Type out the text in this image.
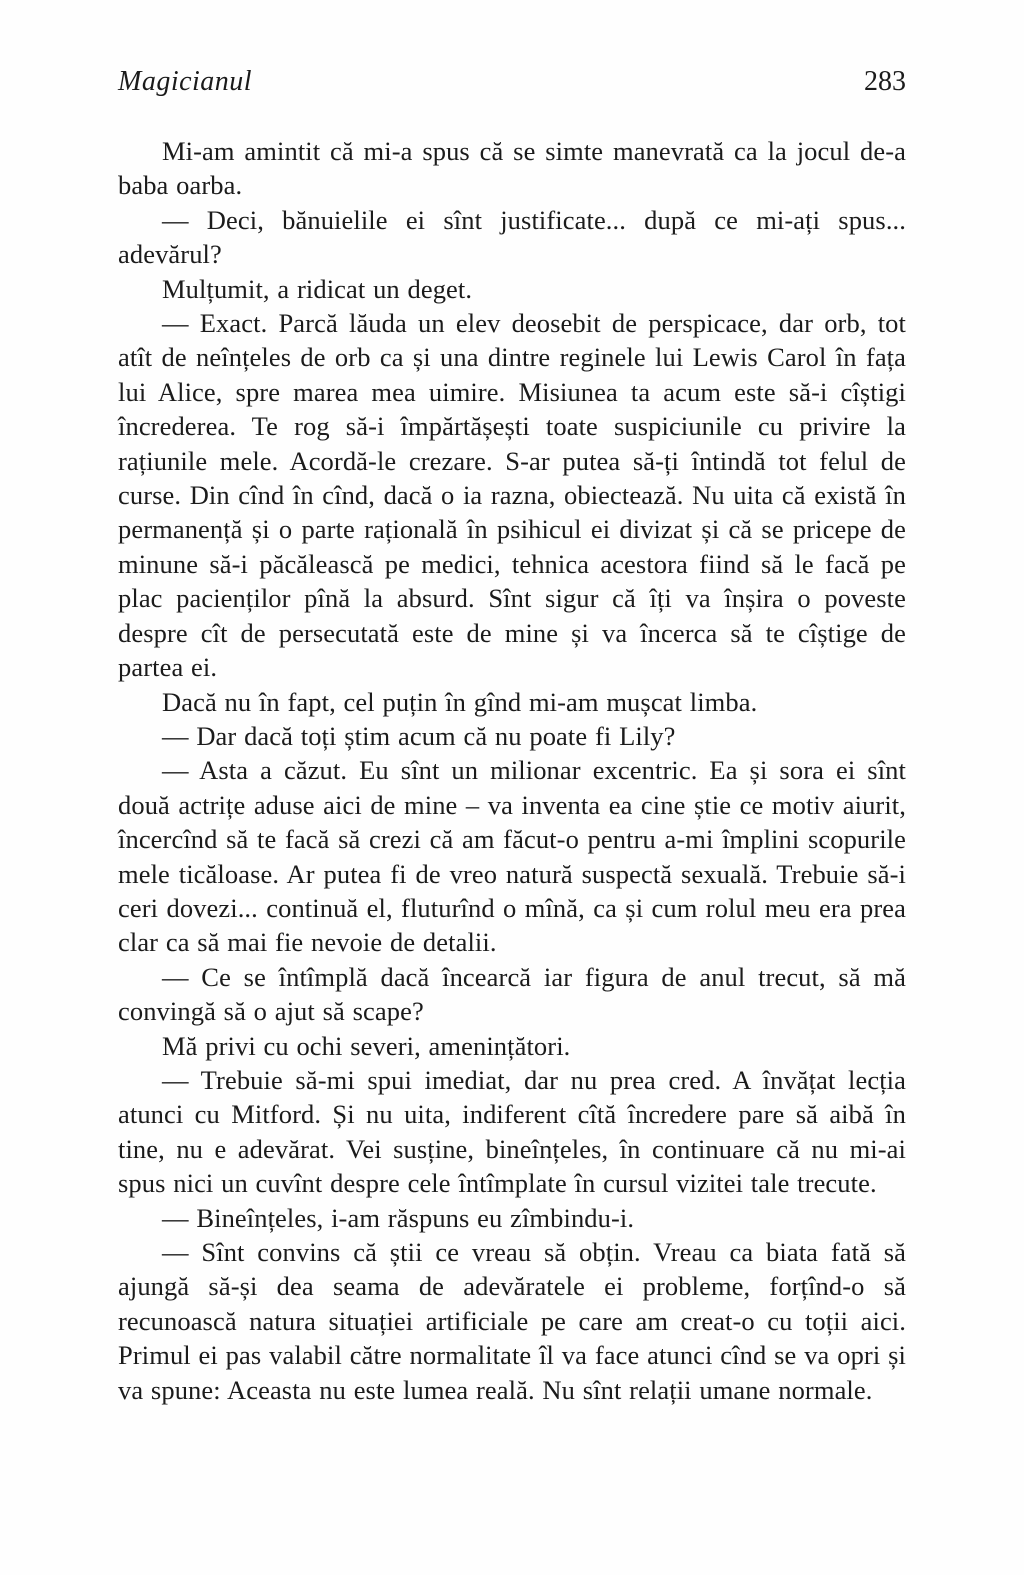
Magicianul	283

Mi-am amintit că mi-a spus că se simte manevrată ca la jocul de-a baba oarba.

— Deci, bănuielile ei sînt justificate... după ce mi-ați spus... adevărul?

Mulțumit, a ridicat un deget.

— Exact. Parcă lăuda un elev deosebit de perspicace, dar orb, tot atît de neînțeles de orb ca și una dintre reginele lui Lewis Carol în fața lui Alice, spre marea mea uimire. Misiunea ta acum este să-i cîștigi încrederea. Te rog să-i împărtășești toate suspiciunile cu privire la rațiunile mele. Acordă-le crezare. S-ar putea să-ți întindă tot felul de curse. Din cînd în cînd, dacă o ia razna, obiectează. Nu uita că există în permanență și o parte rațională în psihicul ei divizat și că se pricepe de minune să-i păcălească pe medici, tehnica acestora fiind să le facă pe plac pacienților pînă la absurd. Sînt sigur că îți va înșira o poveste despre cît de persecutată este de mine și va încerca să te cîștige de partea ei.

Dacă nu în fapt, cel puțin în gînd mi-am mușcat limba.

— Dar dacă toți știm acum că nu poate fi Lily?

— Asta a căzut. Eu sînt un milionar excentric. Ea și sora ei sînt două actrițe aduse aici de mine – va inventa ea cine știe ce motiv aiurit, încercînd să te facă să crezi că am făcut-o pentru a-mi împlini scopurile mele ticăloase. Ar putea fi de vreo natură suspectă sexuală. Trebuie să-i ceri dovezi... continuă el, fluturînd o mînă, ca și cum rolul meu era prea clar ca să mai fie nevoie de detalii.

— Ce se întîmplă dacă încearcă iar figura de anul trecut, să mă convingă să o ajut să scape?

Mă privi cu ochi severi, amenințători.

— Trebuie să-mi spui imediat, dar nu prea cred. A învățat lecția atunci cu Mitford. Și nu uita, indiferent cîtă încredere pare să aibă în tine, nu e adevărat. Vei susține, bineînțeles, în continuare că nu mi-ai spus nici un cuvînt despre cele întîmplate în cursul vizitei tale trecute.

— Bineînțeles, i-am răspuns eu zîmbindu-i.

— Sînt convins că știi ce vreau să obțin. Vreau ca biata fată să ajungă să-și dea seama de adevăratele ei probleme, forțînd-o să recunoască natura situației artificiale pe care am creat-o cu toții aici. Primul ei pas valabil către normalitate îl va face atunci cînd se va opri și va spune: Aceasta nu este lumea reală. Nu sînt relații umane normale.
